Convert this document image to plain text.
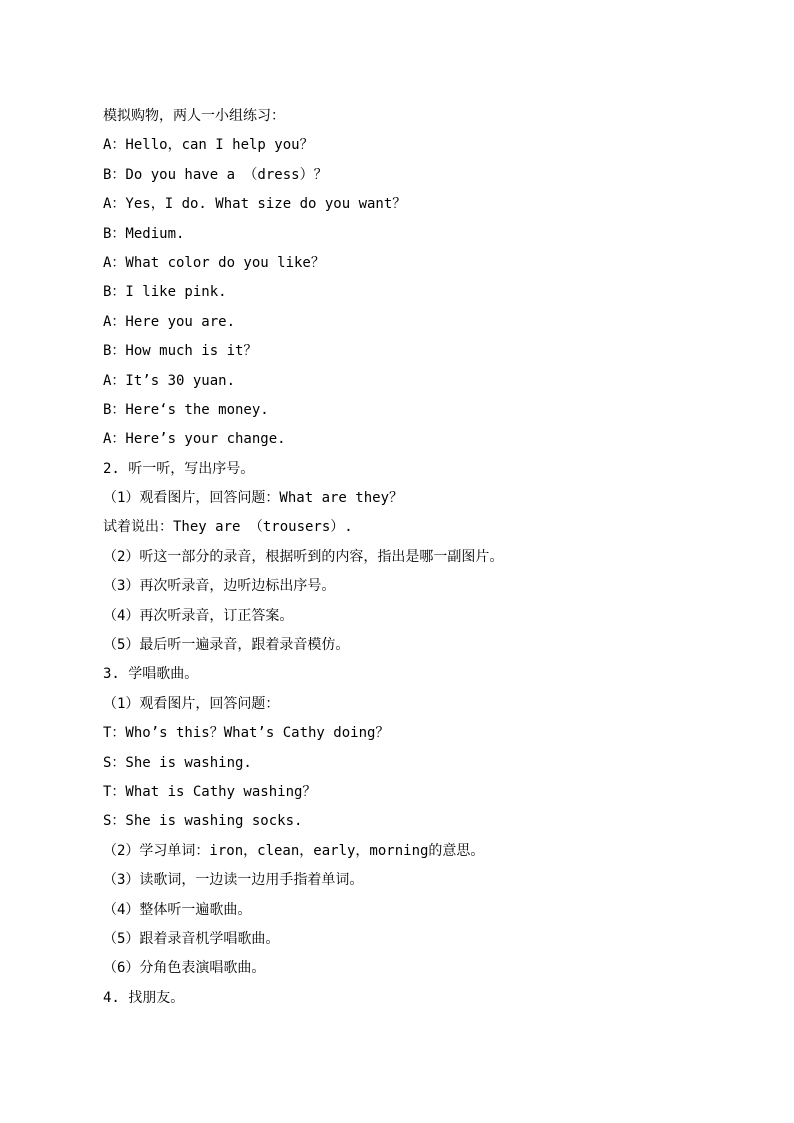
模拟购物，两人一小组练习：
A：Hello，can I help you？
B：Do you have a （dress）？
A：Yes，I do. What size do you want？
B：Medium.
A：What color do you like？
B：I like pink.
A：Here you are.
B：How much is it？
A：It’s 30 yuan.
B：Here‘s the money.
A：Here’s your change.
2. 听一听，写出序号。
（1）观看图片，回答问题：What are they？
试着说出：They are （trousers）.
（2）听这一部分的录音，根据听到的内容，指出是哪一副图片。
（3）再次听录音，边听边标出序号。
（4）再次听录音，订正答案。
（5）最后听一遍录音，跟着录音模仿。
3. 学唱歌曲。
（1）观看图片，回答问题：
T：Who’s this？What’s Cathy doing？
S：She is washing.
T：What is Cathy washing？
S：She is washing socks.
（2）学习单词：iron，clean，early，morning的意思。
（3）读歌词，一边读一边用手指着单词。
（4）整体听一遍歌曲。
（5）跟着录音机学唱歌曲。
（6）分角色表演唱歌曲。
4. 找朋友。
